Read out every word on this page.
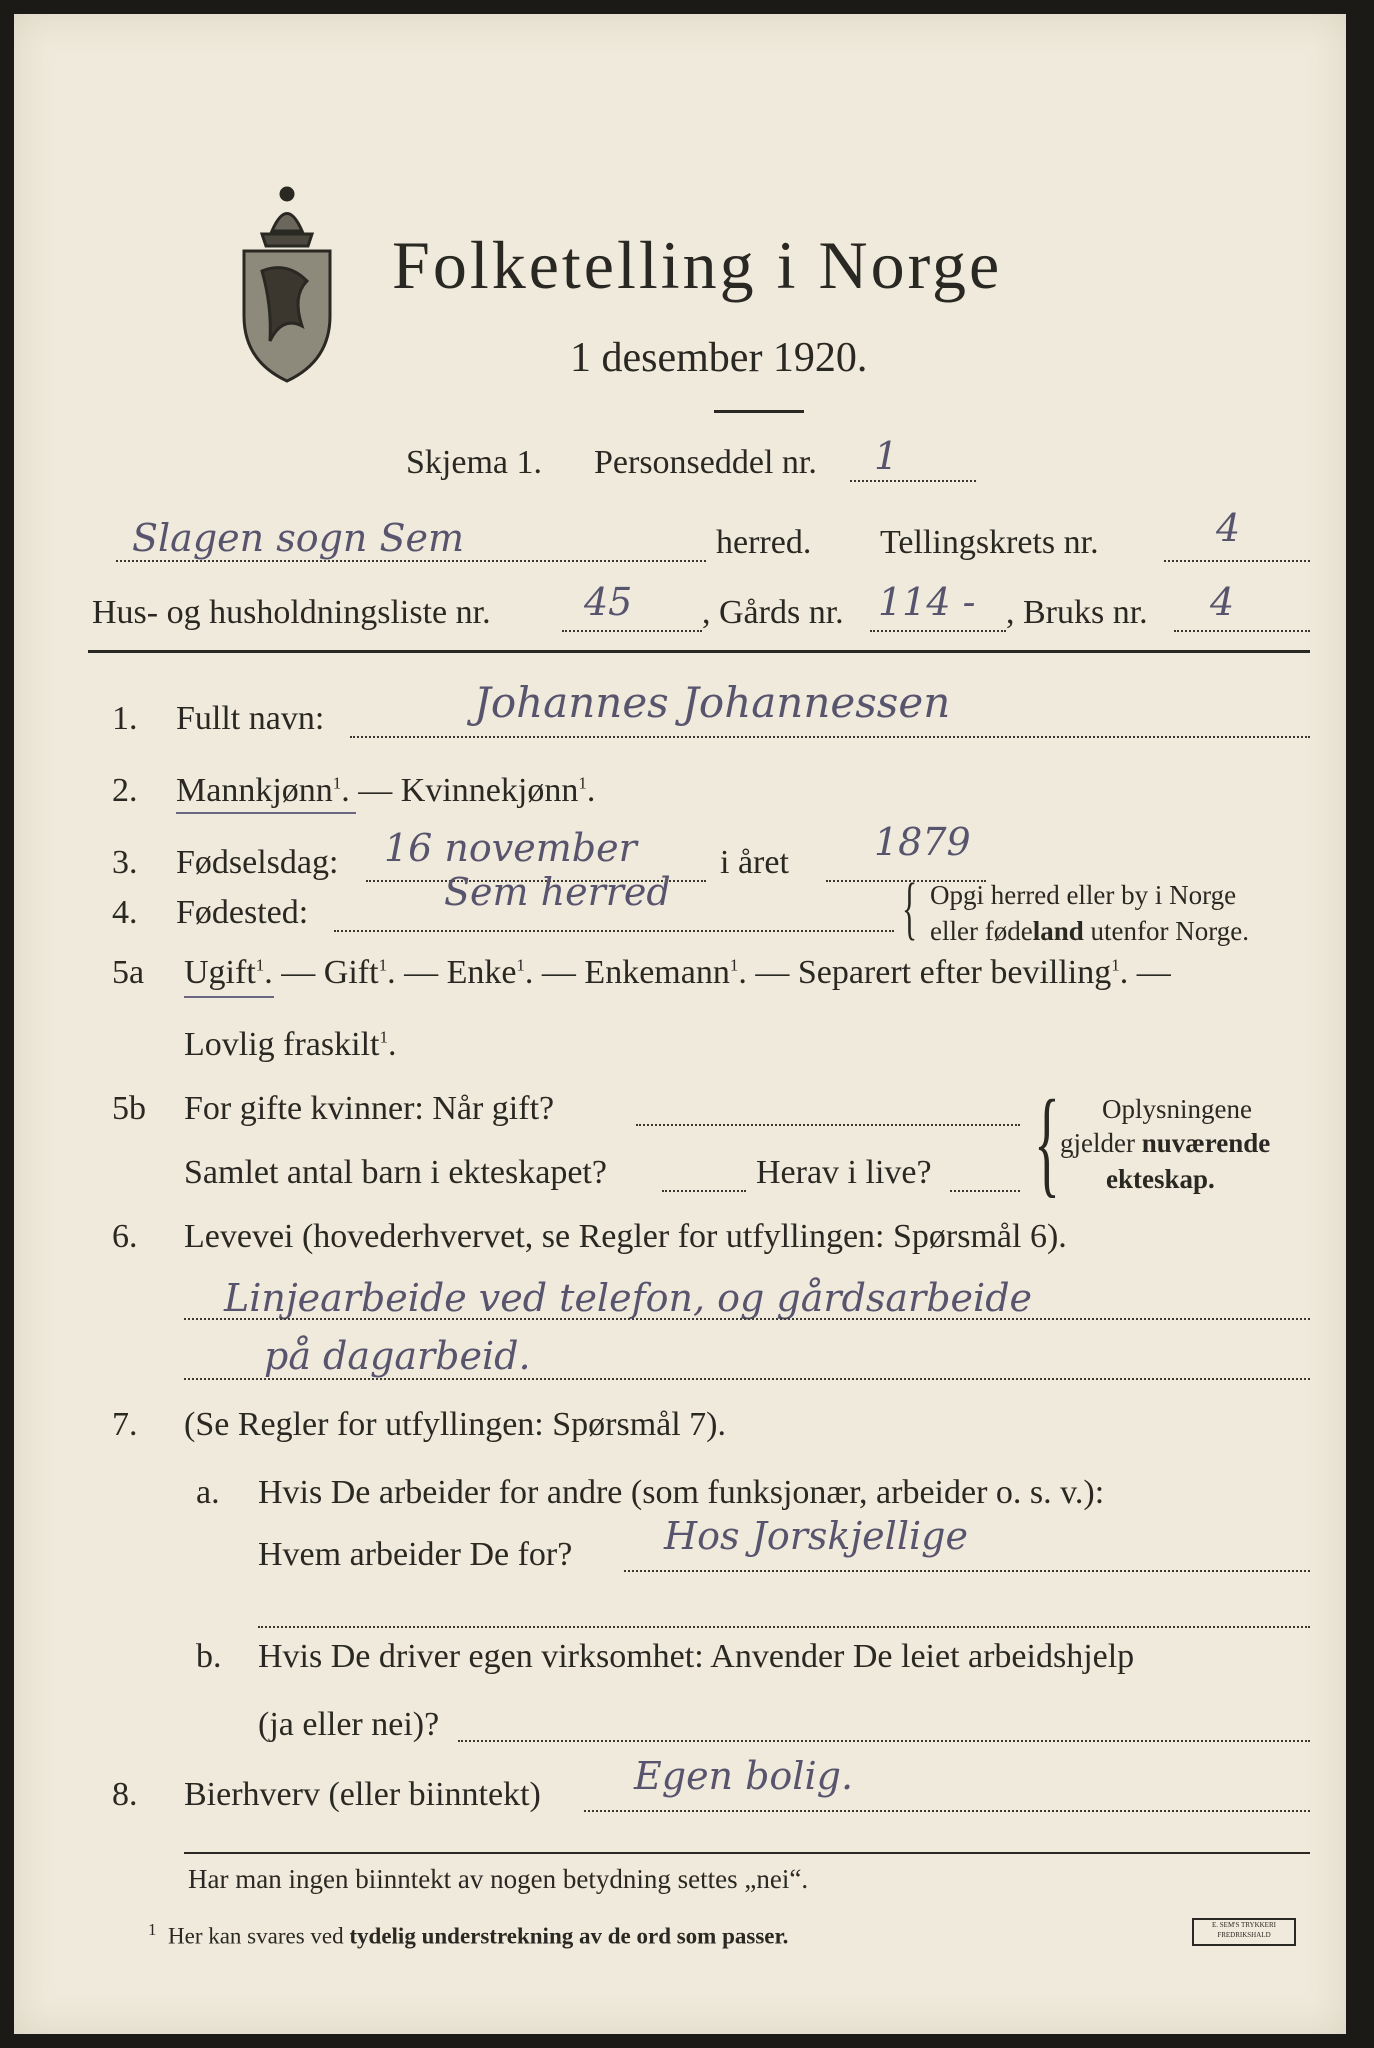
Folketelling i Norge
1 desember 1920.
Skjema 1. Personseddel nr. 1
Slagen sogn Sem	herred. Tellingskrets nr.	4
Hus- og husholdningsliste nr. 45 , Gårds nr. 114 - , Bruks nr. 4
1. Fullt navn:	Johannes Johannessen
2. Mannkjønn$^1$. — Kvinnekjønn$^1$.
3. Fødselsdag: 16 november i året 1879
4. Fødested:	Sem herred	{ Opgi herred eller by i Norge
eller fødeland utenfor Norge.
5a Ugift$^1$. — Gift$^1$. — Enke$^1$. — Enkemann$^1$. — Separert efter bevilling$^1$. —
Lovlig fraskilt$^1$.
5b For gifte kvinner: Når gift?
Samlet antal barn i ekteskapet?	Herav i live? { Oplysningene
gjelder nuværende
ekteskap.
6. Levevei (hovederhvervet, se Regler for utfyllingen: Spørsmål 6).
Linjearbeide ved telefon, og gårdsarbeide
på dagarbeid.
7. (Se Regler for utfyllingen: Spørsmål 7).
a. Hvis De arbeider for andre (som funksjonær, arbeider o. s. v.):
Hvem arbeider De for? Hos Jorskjellige
b. Hvis De driver egen virksomhet: Anvender De leiet arbeidshjelp
(ja eller nei)?
8. Bierhverv (eller biinntekt) Egen bolig.
Har man ingen biinntekt av nogen betydning settes „nei“.
$^1$ Her kan svares ved tydelig understrekning av de ord som passer.	E. SEM'S TRYKKERI FREDRIKSHALD
